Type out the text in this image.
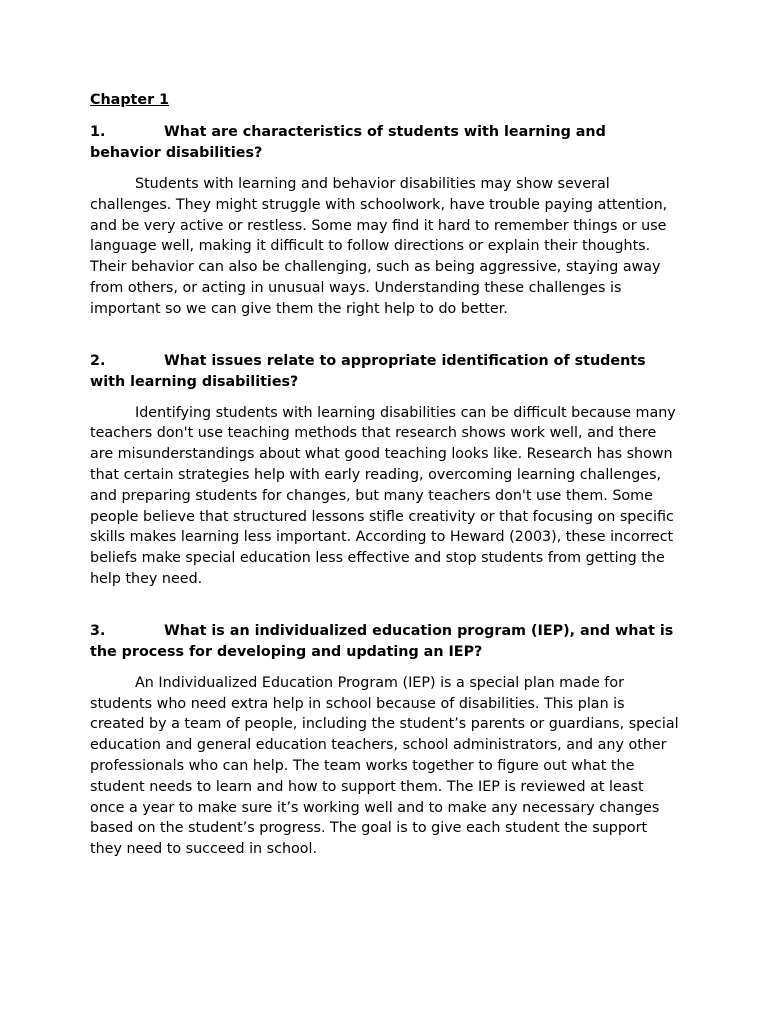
Chapter 1
1.	What are characteristics of students with learning and behavior disabilities?

Students with learning and behavior disabilities may show several challenges. They might struggle with schoolwork, have trouble paying attention, and be very active or restless. Some may find it hard to remember things or use language well, making it difficult to follow directions or explain their thoughts. Their behavior can also be challenging, such as being aggressive, staying away from others, or acting in unusual ways. Understanding these challenges is important so we can give them the right help to do better.

2.	What issues relate to appropriate identification of students with learning disabilities?

Identifying students with learning disabilities can be difficult because many teachers don't use teaching methods that research shows work well, and there are misunderstandings about what good teaching looks like. Research has shown that certain strategies help with early reading, overcoming learning challenges, and preparing students for changes, but many teachers don't use them. Some people believe that structured lessons stifle creativity or that focusing on specific skills makes learning less important. According to Heward (2003), these incorrect beliefs make special education less effective and stop students from getting the help they need.

3.	What is an individualized education program (IEP), and what is the process for developing and updating an IEP?

An Individualized Education Program (IEP) is a special plan made for students who need extra help in school because of disabilities. This plan is created by a team of people, including the student’s parents or guardians, special education and general education teachers, school administrators, and any other professionals who can help. The team works together to figure out what the student needs to learn and how to support them. The IEP is reviewed at least once a year to make sure it’s working well and to make any necessary changes based on the student’s progress. The goal is to give each student the support they need to succeed in school.
